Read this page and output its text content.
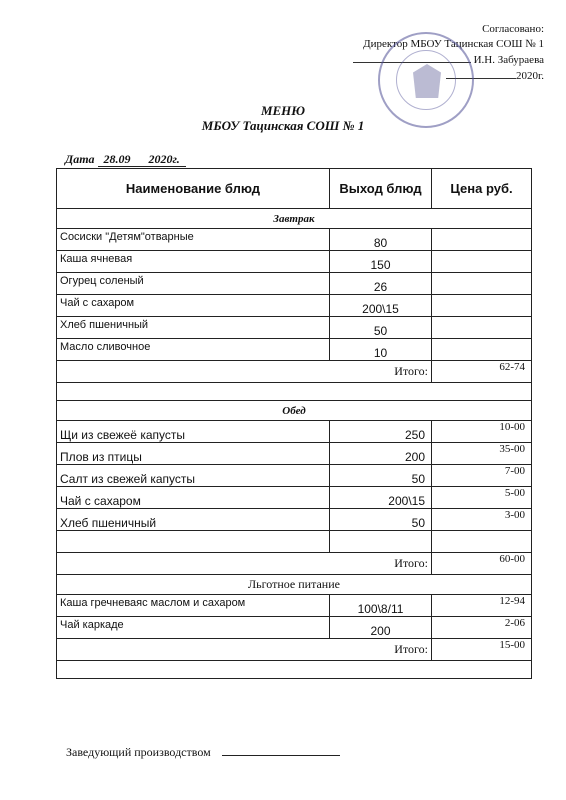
Согласовано:
Директор МБОУ Тацинская СОШ № 1
И.Н. Забураева
2020г.
МЕНЮ
МБОУ Тацинская СОШ № 1
Дата 28.09 2020г.
Наименование блюд	Выход блюд	Цена руб.
Завтрак		
Сосиски "Детям"отварные	80	
Каша ячневая	150	
Огурец соленый	26	
Чай с сахаром	200\15	
Хлеб пшеничный	50	
Масло сливочное	10	
Итого:		62-74

Обед		
Щи из свежеё капусты	250	10-00
Плов из птицы	200	35-00
Салт из свежей капусты	50	7-00
Чай с сахаром	200\15	5-00
Хлеб пшеничный	50	3-00

Итого:		60-00
Льготное питание		
Каша гречневаяс маслом и сахаром	100\8/11	12-94
Чай каркаде	200	2-06
Итого:		15-00

Заведующий производством
